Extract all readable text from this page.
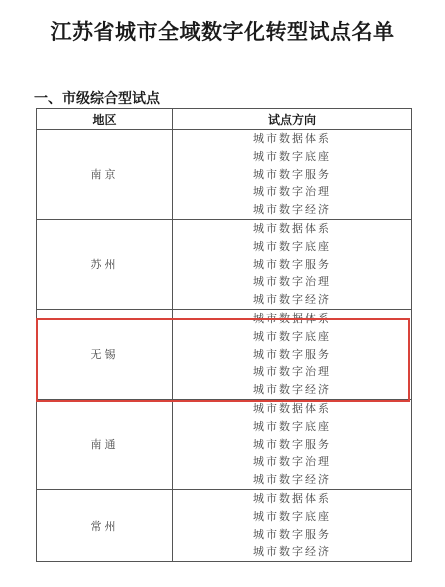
江苏省城市全域数字化转型试点名单
一、市级综合型试点
地区	试点方向
南京	城市数据体系
城市数字底座
城市数字服务
城市数字治理
城市数字经济

苏州	城市数据体系
城市数字底座
城市数字服务
城市数字治理
城市数字经济

无锡	城市数据体系
城市数字底座
城市数字服务
城市数字治理
城市数字经济

南通	城市数据体系
城市数字底座
城市数字服务
城市数字治理
城市数字经济

常州	城市数据体系
城市数字底座
城市数字服务
城市数字经济
